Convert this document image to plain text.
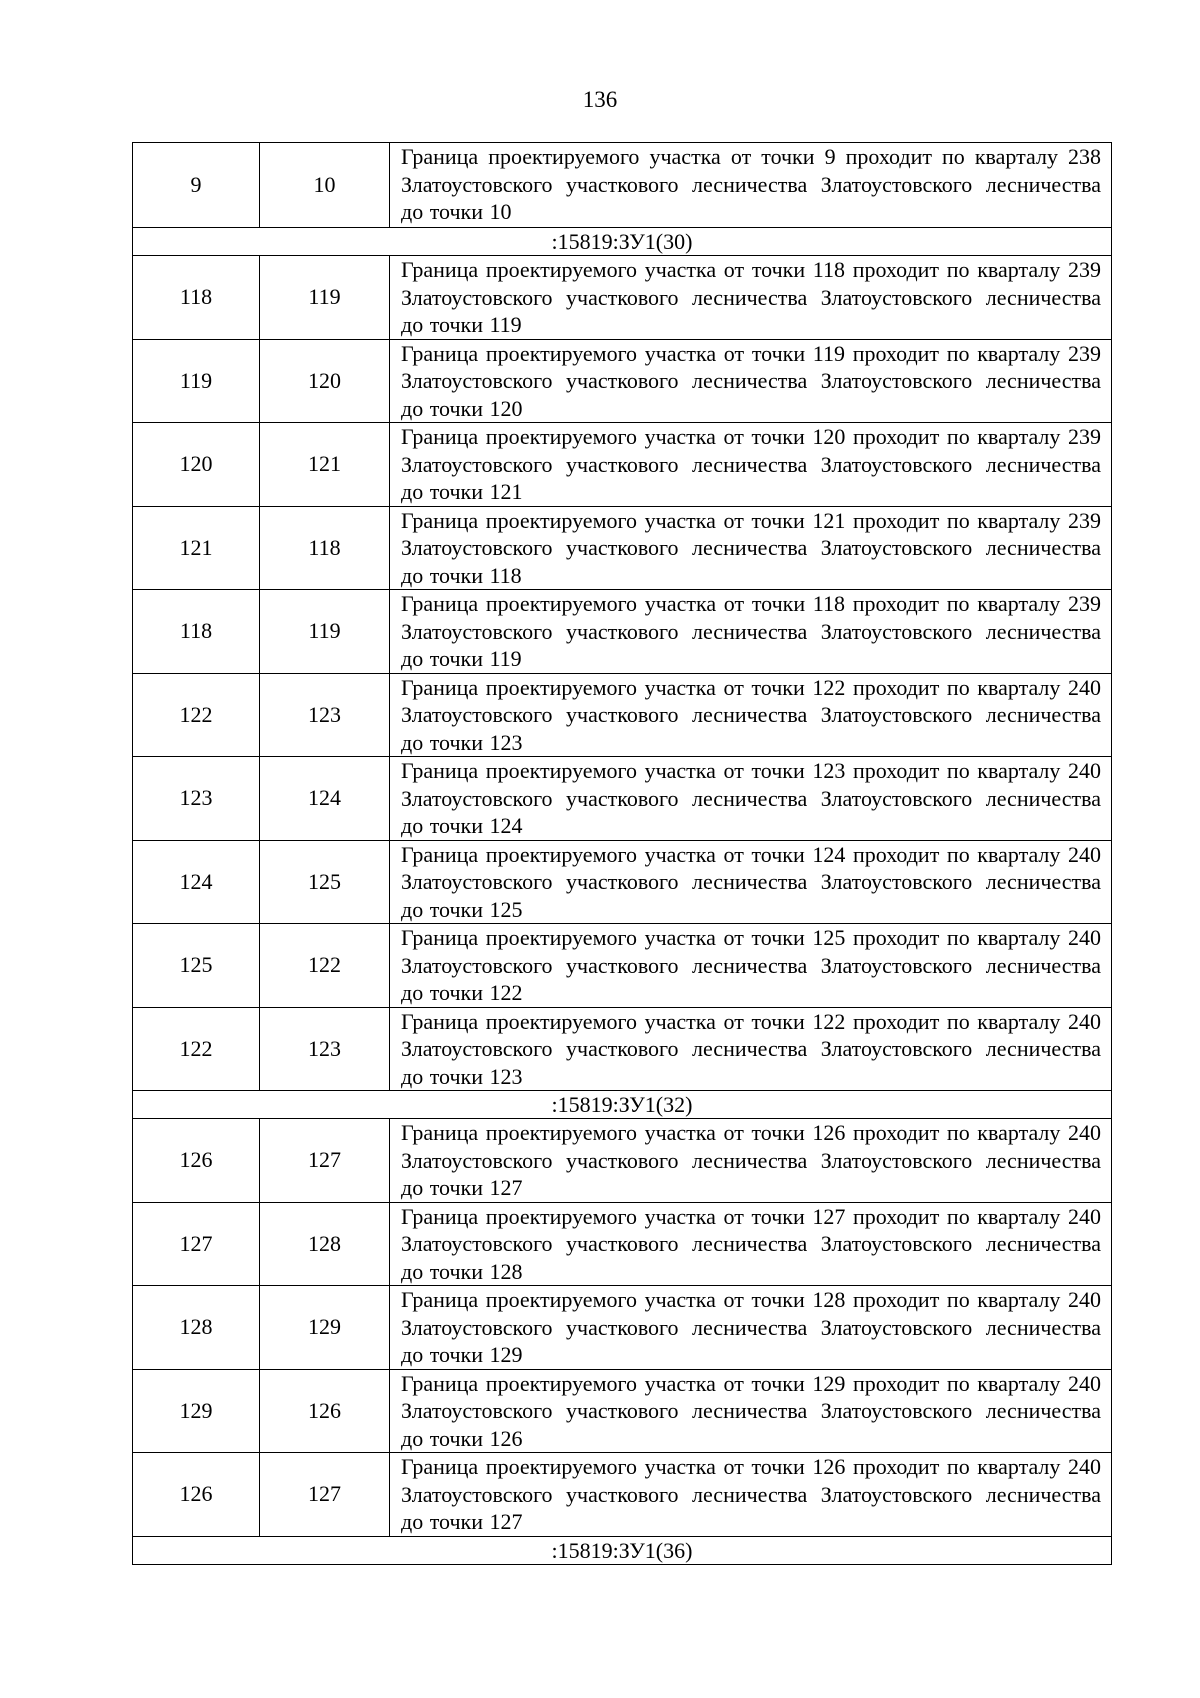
136
9	10	Граница проектируемого участка от точки 9 проходит по кварталу 238 Златоустовского участкового лесничества Златоустовского лесничества до точки 10
:15819:ЗУ1(30)		
118	119	Граница проектируемого участка от точки 118 проходит по кварталу 239 Златоустовского участкового лесничества Златоустовского лесничества до точки 119
119	120	Граница проектируемого участка от точки 119 проходит по кварталу 239 Златоустовского участкового лесничества Златоустовского лесничества до точки 120
120	121	Граница проектируемого участка от точки 120 проходит по кварталу 239 Златоустовского участкового лесничества Златоустовского лесничества до точки 121
121	118	Граница проектируемого участка от точки 121 проходит по кварталу 239 Златоустовского участкового лесничества Златоустовского лесничества до точки 118
118	119	Граница проектируемого участка от точки 118 проходит по кварталу 239 Златоустовского участкового лесничества Златоустовского лесничества до точки 119
122	123	Граница проектируемого участка от точки 122 проходит по кварталу 240 Златоустовского участкового лесничества Златоустовского лесничества до точки 123
123	124	Граница проектируемого участка от точки 123 проходит по кварталу 240 Златоустовского участкового лесничества Златоустовского лесничества до точки 124
124	125	Граница проектируемого участка от точки 124 проходит по кварталу 240 Златоустовского участкового лесничества Златоустовского лесничества до точки 125
125	122	Граница проектируемого участка от точки 125 проходит по кварталу 240 Златоустовского участкового лесничества Златоустовского лесничества до точки 122
122	123	Граница проектируемого участка от точки 122 проходит по кварталу 240 Златоустовского участкового лесничества Златоустовского лесничества до точки 123
:15819:ЗУ1(32)		
126	127	Граница проектируемого участка от точки 126 проходит по кварталу 240 Златоустовского участкового лесничества Златоустовского лесничества до точки 127
127	128	Граница проектируемого участка от точки 127 проходит по кварталу 240 Златоустовского участкового лесничества Златоустовского лесничества до точки 128
128	129	Граница проектируемого участка от точки 128 проходит по кварталу 240 Златоустовского участкового лесничества Златоустовского лесничества до точки 129
129	126	Граница проектируемого участка от точки 129 проходит по кварталу 240 Златоустовского участкового лесничества Златоустовского лесничества до точки 126
126	127	Граница проектируемого участка от точки 126 проходит по кварталу 240 Златоустовского участкового лесничества Златоустовского лесничества до точки 127
:15819:ЗУ1(36)		
